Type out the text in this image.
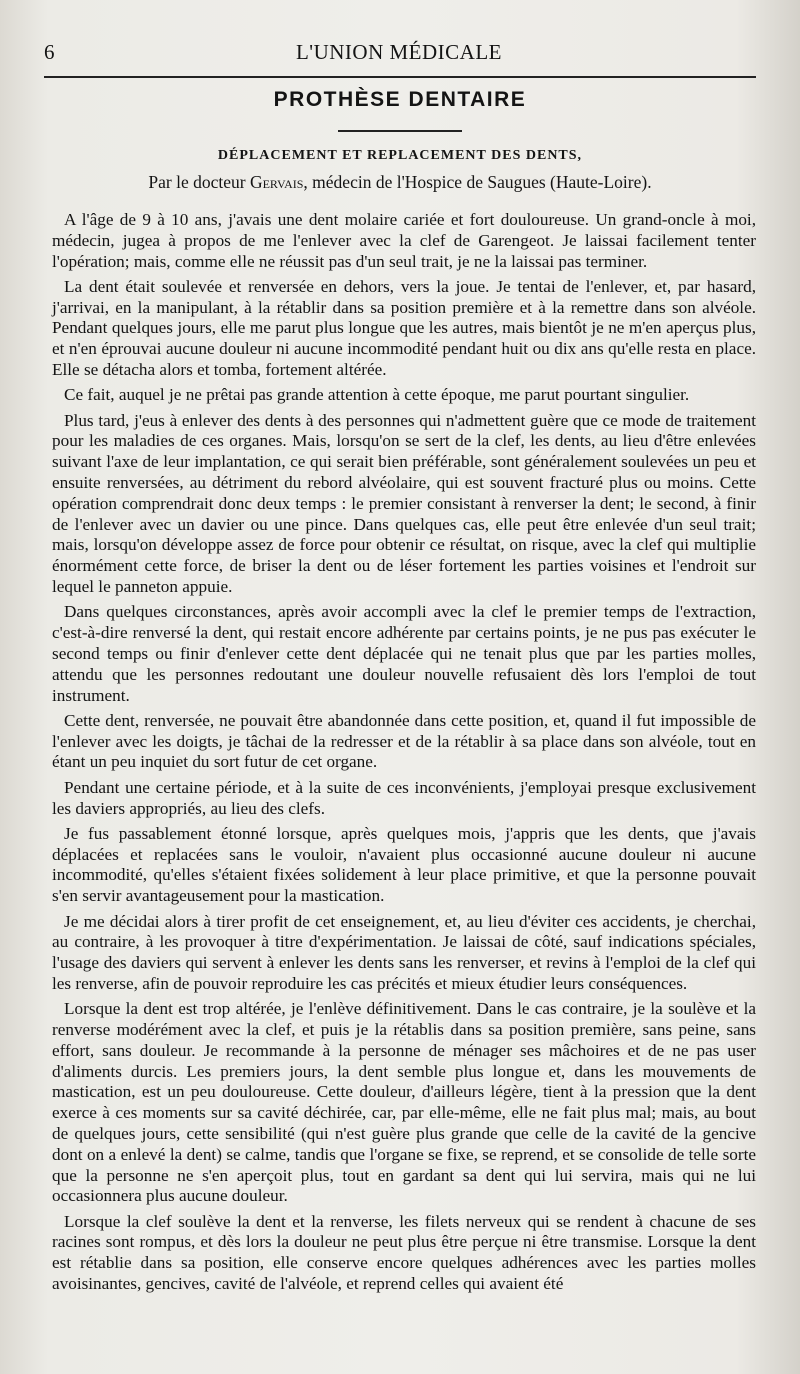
6	L'UNION MÉDICALE
PROTHÈSE DENTAIRE
DÉPLACEMENT ET REPLACEMENT DES DENTS,
Par le docteur Gervais, médecin de l'Hospice de Saugues (Haute-Loire).

A l'âge de 9 à 10 ans, j'avais une dent molaire cariée et fort douloureuse. Un grand-oncle à moi, médecin, jugea à propos de me l'enlever avec la clef de Garengeot. Je laissai facilement tenter l'opération; mais, comme elle ne réussit pas d'un seul trait, je ne la laissai pas terminer.

La dent était soulevée et renversée en dehors, vers la joue. Je tentai de l'enlever, et, par hasard, j'arrivai, en la manipulant, à la rétablir dans sa position première et à la remettre dans son alvéole. Pendant quelques jours, elle me parut plus longue que les autres, mais bientôt je ne m'en aperçus plus, et n'en éprouvai aucune douleur ni aucune incommodité pendant huit ou dix ans qu'elle resta en place. Elle se détacha alors et tomba, fortement altérée.

Ce fait, auquel je ne prêtai pas grande attention à cette époque, me parut pourtant singulier.

Plus tard, j'eus à enlever des dents à des personnes qui n'admettent guère que ce mode de traitement pour les maladies de ces organes. Mais, lorsqu'on se sert de la clef, les dents, au lieu d'être enlevées suivant l'axe de leur implantation, ce qui serait bien préférable, sont généralement soulevées un peu et ensuite renversées, au détriment du rebord alvéolaire, qui est souvent fracturé plus ou moins. Cette opération comprendrait donc deux temps : le premier consistant à renverser la dent; le second, à finir de l'enlever avec un davier ou une pince. Dans quelques cas, elle peut être enlevée d'un seul trait; mais, lorsqu'on développe assez de force pour obtenir ce résultat, on risque, avec la clef qui multiplie énormément cette force, de briser la dent ou de léser fortement les parties voisines et l'endroit sur lequel le panneton appuie.

Dans quelques circonstances, après avoir accompli avec la clef le premier temps de l'extraction, c'est-à-dire renversé la dent, qui restait encore adhérente par certains points, je ne pus pas exécuter le second temps ou finir d'enlever cette dent déplacée qui ne tenait plus que par les parties molles, attendu que les personnes redoutant une douleur nouvelle refusaient dès lors l'emploi de tout instrument.

Cette dent, renversée, ne pouvait être abandonnée dans cette position, et, quand il fut impossible de l'enlever avec les doigts, je tâchai de la redresser et de la rétablir à sa place dans son alvéole, tout en étant un peu inquiet du sort futur de cet organe.

Pendant une certaine période, et à la suite de ces inconvénients, j'employai presque exclusivement les daviers appropriés, au lieu des clefs.

Je fus passablement étonné lorsque, après quelques mois, j'appris que les dents, que j'avais déplacées et replacées sans le vouloir, n'avaient plus occasionné aucune douleur ni aucune incommodité, qu'elles s'étaient fixées solidement à leur place primitive, et que la personne pouvait s'en servir avantageusement pour la mastication.

Je me décidai alors à tirer profit de cet enseignement, et, au lieu d'éviter ces accidents, je cherchai, au contraire, à les provoquer à titre d'expérimentation. Je laissai de côté, sauf indications spéciales, l'usage des daviers qui servent à enlever les dents sans les renverser, et revins à l'emploi de la clef qui les renverse, afin de pouvoir reproduire les cas précités et mieux étudier leurs conséquences.

Lorsque la dent est trop altérée, je l'enlève définitivement. Dans le cas contraire, je la soulève et la renverse modérément avec la clef, et puis je la rétablis dans sa position première, sans peine, sans effort, sans douleur. Je recommande à la personne de ménager ses mâchoires et de ne pas user d'aliments durcis. Les premiers jours, la dent semble plus longue et, dans les mouvements de mastication, est un peu douloureuse. Cette douleur, d'ailleurs légère, tient à la pression que la dent exerce à ces moments sur sa cavité déchirée, car, par elle-même, elle ne fait plus mal; mais, au bout de quelques jours, cette sensibilité (qui n'est guère plus grande que celle de la cavité de la gencive dont on a enlevé la dent) se calme, tandis que l'organe se fixe, se reprend, et se consolide de telle sorte que la personne ne s'en aperçoit plus, tout en gardant sa dent qui lui servira, mais qui ne lui occasionnera plus aucune douleur.

Lorsque la clef soulève la dent et la renverse, les filets nerveux qui se rendent à chacune de ses racines sont rompus, et dès lors la douleur ne peut plus être perçue ni être transmise. Lorsque la dent est rétablie dans sa position, elle conserve encore quelques adhérences avec les parties molles avoisinantes, gencives, cavité de l'alvéole, et reprend celles qui avaient été
